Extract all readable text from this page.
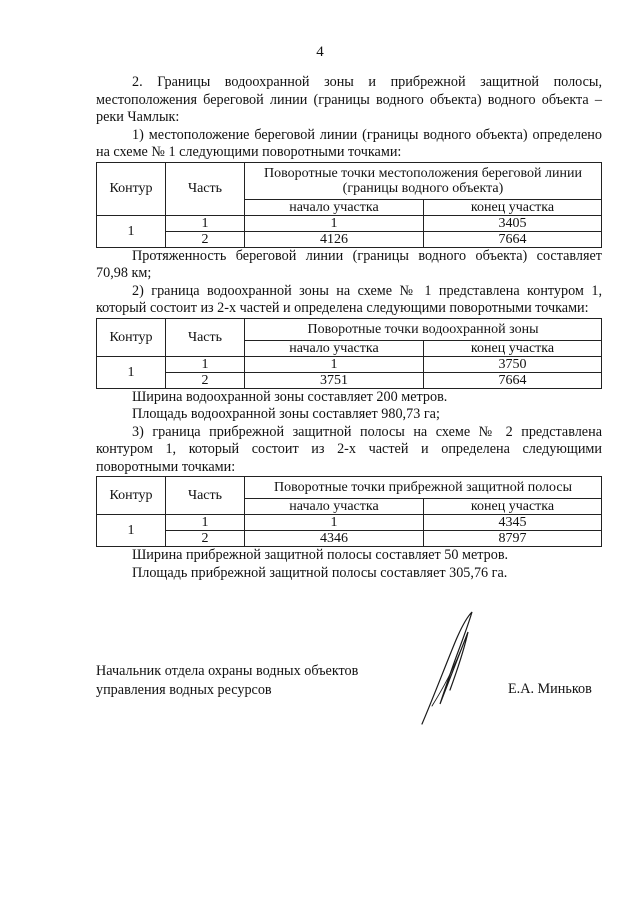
4

2. Границы водоохранной зоны и прибрежной защитной полосы, местоположения береговой линии (границы водного объекта) водного объекта – реки Чамлык:

1) местоположение береговой линии (границы водного объекта) определено на схеме № 1 следующими поворотными точками:

Контур	Часть	Поворотные точки местоположения береговой линии (границы водного объекта)	
		начало участка	конец участка
1	1	1	3405
	2	4126	7664

Протяженность береговой линии (границы водного объекта) составляет 70,98 км;

2) граница водоохранной зоны на схеме № 1 представлена контуром 1, который состоит из 2-х частей и определена следующими поворотными точками:

Контур	Часть	Поворотные точки водоохранной зоны	
		начало участка	конец участка
1	1	1	3750
	2	3751	7664

Ширина водоохранной зоны составляет 200 метров.

Площадь водоохранной зоны составляет 980,73 га;

3) граница прибрежной защитной полосы на схеме № 2 представлена контуром 1, который состоит из 2-х частей и определена следующими поворотными точками:

Контур	Часть	Поворотные точки прибрежной защитной полосы	
		начало участка	конец участка
1	1	1	4345
	2	4346	8797

Ширина прибрежной защитной полосы составляет 50 метров.

Площадь прибрежной защитной полосы составляет 305,76 га.

Начальник отдела охраны водных объектов
управления водных ресурсов	Е.А. Миньков
